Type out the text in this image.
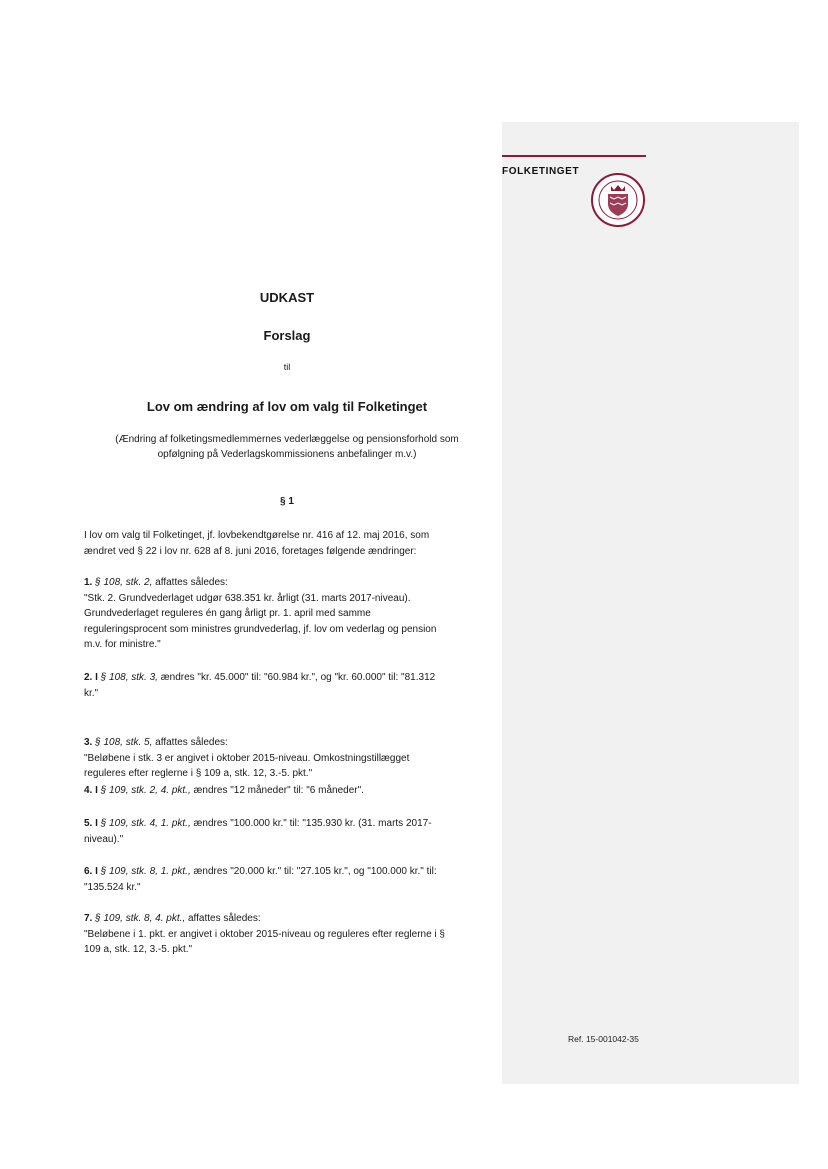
FOLKETINGET
UDKAST
Forslag
til
Lov om ændring af lov om valg til Folketinget
(Ændring af folketingsmedlemmernes vederlæggelse og pensionsforhold som
opfølgning på Vederlagskommissionens anbefalinger m.v.)
§ 1

I lov om valg til Folketinget, jf. lovbekendtgørelse nr. 416 af 12. maj 2016, som

ændret ved § 22 i lov nr. 628 af 8. juni 2016, foretages følgende ændringer:

1. § 108, stk. 2, affattes således:

"Stk. 2. Grundvederlaget udgør 638.351 kr. årligt (31. marts 2017-niveau).

Grundvederlaget reguleres én gang årligt pr. 1. april med samme

reguleringsprocent som ministres grundvederlag, jf. lov om vederlag og pension

m.v. for ministre."

2. I § 108, stk. 3, ændres "kr. 45.000" til: "60.984 kr.", og "kr. 60.000" til: "81.312

kr."

3. § 108, stk. 5, affattes således:

"Beløbene i stk. 3 er angivet i oktober 2015-niveau. Omkostningstillægget

reguleres efter reglerne i § 109 a, stk. 12, 3.-5. pkt."

4. I § 109, stk. 2, 4. pkt., ændres "12 måneder" til: "6 måneder".

5. I § 109, stk. 4, 1. pkt., ændres "100.000 kr." til: "135.930 kr. (31. marts 2017-

niveau)."

6. I § 109, stk. 8, 1. pkt., ændres "20.000 kr." til: "27.105 kr.", og "100.000 kr." til:

"135.524 kr."

7. § 109, stk. 8, 4. pkt., affattes således:

"Beløbene i 1. pkt. er angivet i oktober 2015-niveau og reguleres efter reglerne i §

109 a, stk. 12, 3.-5. pkt."

Ref. 15-001042-35
